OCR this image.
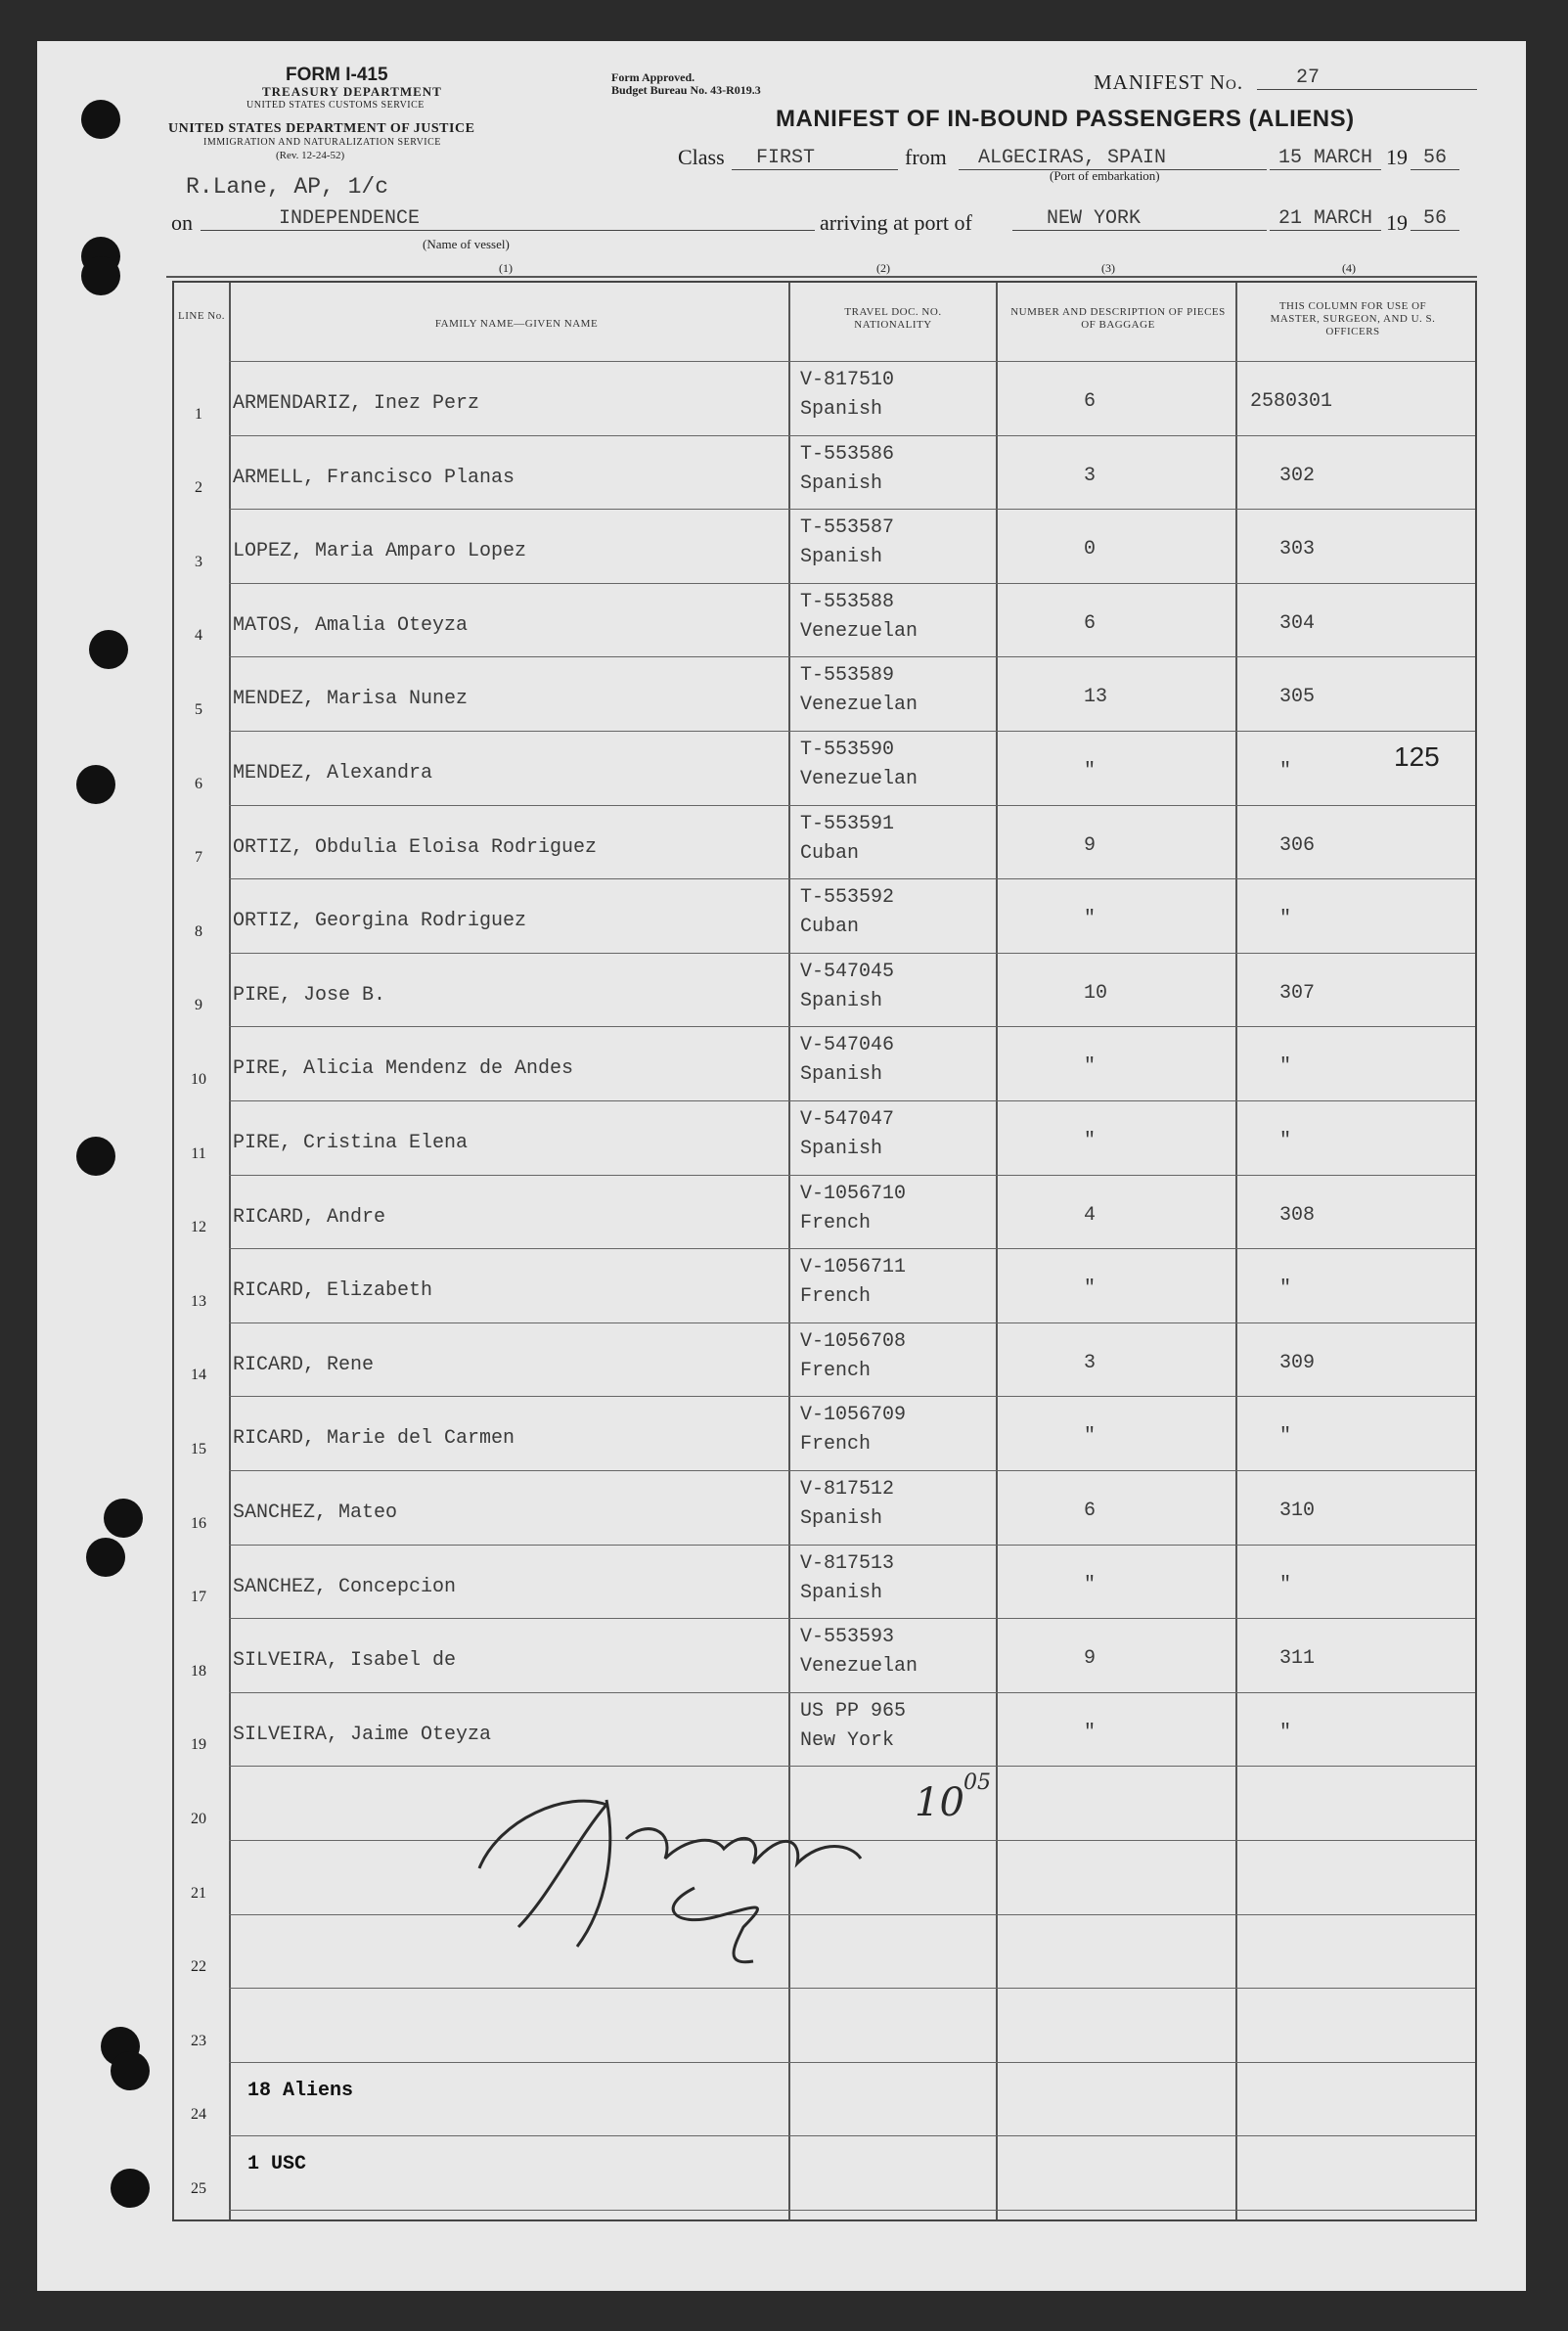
FORM I-415
TREASURY DEPARTMENT
UNITED STATES CUSTOMS SERVICE
UNITED STATES DEPARTMENT OF JUSTICE
IMMIGRATION AND NATURALIZATION SERVICE
(Rev. 12-24-52)
Form Approved.
Budget Bureau No. 43-R019.3	MANIFEST No.	27
MANIFEST OF IN-BOUND PASSENGERS (ALIENS)
Class	FIRST	from	ALGECIRAS, SPAIN
(Port of embarkation)
15 MARCH 19 56
R.Lane, AP, 1/c
on	INDEPENDENCE
(Name of vessel)
arriving at port of	NEW YORK	21 MARCH 19 56
(1)	(2)	(3)	(4)
LINE No.
FAMILY NAME—GIVEN NAME
TRAVEL DOC. NO. NATIONALITY
NUMBER AND DESCRIPTION OF PIECES OF BAGGAGE
THIS COLUMN FOR USE OF MASTER, SURGEON, AND U. S. OFFICERS
1	ARMENDARIZ, Inez Perz
V-817510
Spanish	6	2580301
2	ARMELL, Francisco Planas
T-553586
Spanish	3	302
3	LOPEZ, Maria Amparo Lopez
T-553587
Spanish	0	303
4	MATOS, Amalia Oteyza
T-553588
Venezuelan	6	304
5	MENDEZ, Marisa Nunez
T-553589
Venezuelan	13	305
6	MENDEZ, Alexandra
T-553590
Venezuelan	"	"
7	ORTIZ, Obdulia Eloisa Rodriguez
T-553591
Cuban	9	306
8	ORTIZ, Georgina Rodriguez
T-553592
Cuban	"	"
9	PIRE, Jose B.
V-547045
Spanish	10	307
10	PIRE, Alicia Mendenz de Andes
V-547046
Spanish	"	"
11	PIRE, Cristina Elena
V-547047
Spanish	"	"
12	RICARD, Andre
V-1056710
French	4	308
13	RICARD, Elizabeth
V-1056711
French	"	"
14	RICARD, Rene
V-1056708
French	3	309
15	RICARD, Marie del Carmen
V-1056709
French	"	"
16	SANCHEZ, Mateo
V-817512
Spanish	6	310
17	SANCHEZ, Concepcion
V-817513
Spanish	"	"
18	SILVEIRA, Isabel de
V-553593
Venezuelan	9	311
19	SILVEIRA, Jaime Oteyza
US PP 965
New York	"	"
20
21
22
23
24
18 Aliens
25
1 USC
125
10 05
